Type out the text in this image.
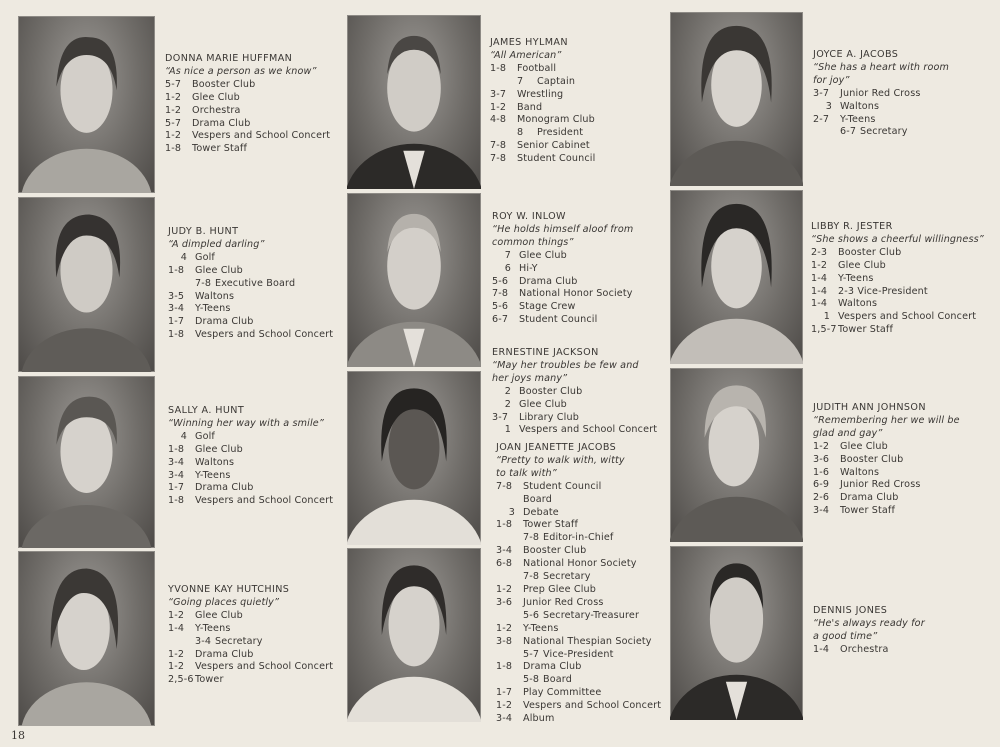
DONNA MARIE HUFFMAN
“As nice a person as we know”
5-7	Booster Club
1-2	Glee Club
1-2	Orchestra
5-7	Drama Club
1-2	Vespers and School Concert
1-8	Tower Staff
JUDY B. HUNT
“A dimpled darling”
4 Golf
1-8	Glee Club
7-8 Executive Board
3-5	Waltons
3-4	Y-Teens
1-7	Drama Club
1-8	Vespers and School Concert
SALLY A. HUNT
“Winning her way with a smile”
4 Golf
1-8	Glee Club
3-4	Waltons
3-4	Y-Teens
1-7	Drama Club
1-8	Vespers and School Concert
YVONNE KAY HUTCHINS
“Going places quietly”
1-2	Glee Club
1-4	Y-Teens
3-4 Secretary
1-2	Drama Club
1-2	Vespers and School Concert
2,5-6 Tower
JAMES HYLMAN
“All American”
1-8	Football
7	Captain
3-7	Wrestling
1-2	Band
4-8	Monogram Club
8	President
7-8	Senior Cabinet
7-8	Student Council
ROY W. INLOW
“He holds himself aloof from
common things”
7 Glee Club
6 Hi-Y
5-6	Drama Club
7-8	National Honor Society
5-6	Stage Crew
6-7	Student Council
ERNESTINE JACKSON
“May her troubles be few and
her joys many”
2 Booster Club
2 Glee Club
3-7	Library Club
1 Vespers and School Concert
JOAN JEANETTE JACOBS
“Pretty to walk with, witty
to talk with”
7-8	Student Council
Board
3 Debate
1-8	Tower Staff
7-8 Editor-in-Chief
3-4	Booster Club
6-8	National Honor Society
7-8 Secretary
1-2	Prep Glee Club
3-6	Junior Red Cross
5-6 Secretary-Treasurer
1-2	Y-Teens
3-8	National Thespian Society
5-7 Vice-President
1-8	Drama Club
5-8 Board
1-7	Play Committee
1-2	Vespers and School Concert
3-4	Album
JOYCE A. JACOBS
“She has a heart with room
for joy”
3-7	Junior Red Cross
3 Waltons
2-7	Y-Teens
6-7 Secretary
LIBBY R. JESTER
“She shows a cheerful willingness”
2-3	Booster Club
1-2	Glee Club
1-4	Y-Teens
1-4	2-3 Vice-President
1-4	Waltons
1 Vespers and School Concert
1,5-7 Tower Staff
JUDITH ANN JOHNSON
“Remembering her we will be
glad and gay”
1-2	Glee Club
3-6	Booster Club
1-6	Waltons
6-9	Junior Red Cross
2-6	Drama Club
3-4	Tower Staff
DENNIS JONES
“He's always ready for
a good time”
1-4	Orchestra
18
